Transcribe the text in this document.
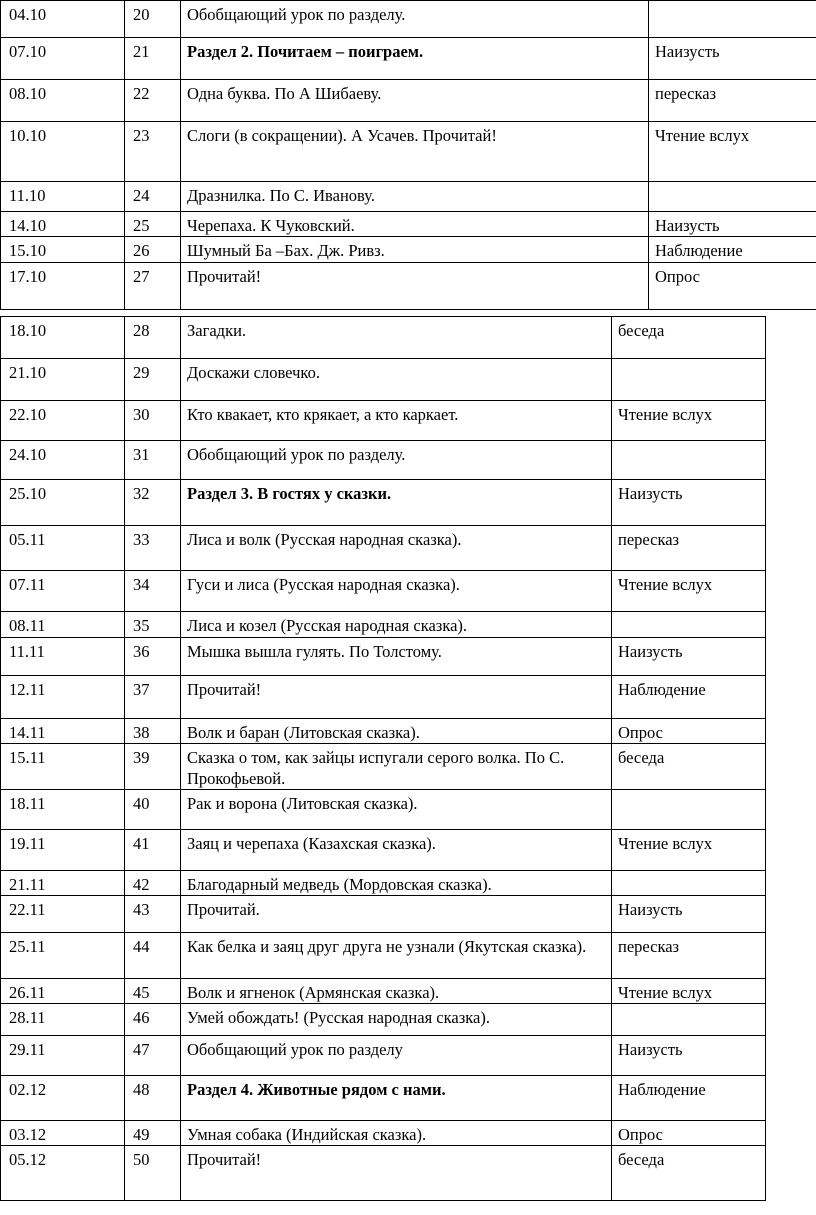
04.10	20	Обобщающий урок по разделу.	
07.10	21	Раздел 2. Почитаем – поиграем.	Наизусть
08.10	22	Одна буква. По А Шибаеву.	пересказ
10.10	23	Слоги (в сокращении). А Усачев. Прочитай!	Чтение вслух
11.10	24	Дразнилка. По С. Иванову.	
14.10	25	Черепаха. К Чуковский.	Наизусть
15.10	26	Шумный Ба –Бах. Дж. Ривз.	Наблюдение
17.10	27	Прочитай!	Опрос
18.10	28	Загадки.	беседа
21.10	29	Доскажи словечко.	
22.10	30	Кто квакает, кто крякает, а кто каркает.	Чтение вслух
24.10	31	Обобщающий урок по разделу.	
25.10	32	Раздел 3. В гостях у сказки.	Наизусть
05.11	33	Лиса и волк (Русская народная сказка).	пересказ
07.11	34	Гуси и лиса (Русская народная сказка).	Чтение вслух
08.11	35	Лиса и козел (Русская народная сказка).	
11.11	36	Мышка вышла гулять. По Толстому.	Наизусть
12.11	37	Прочитай!	Наблюдение
14.11	38	Волк и баран (Литовская сказка).	Опрос
15.11	39	Сказка о том, как зайцы испугали серого волка. По С. Прокофьевой.	беседа
18.11	40	Рак и ворона (Литовская сказка).	
19.11	41	Заяц и черепаха (Казахская сказка).	Чтение вслух
21.11	42	Благодарный медведь (Мордовская сказка).	
22.11	43	Прочитай.	Наизусть
25.11	44	Как белка и заяц друг друга не узнали (Якутская сказка).	пересказ
26.11	45	Волк и ягненок (Армянская сказка).	Чтение вслух
28.11	46	Умей обождать! (Русская народная сказка).	
29.11	47	Обобщающий урок по разделу	Наизусть
02.12	48	Раздел 4. Животные рядом с нами.	Наблюдение
03.12	49	Умная собака (Индийская сказка).	Опрос
05.12	50	Прочитай!	беседа
